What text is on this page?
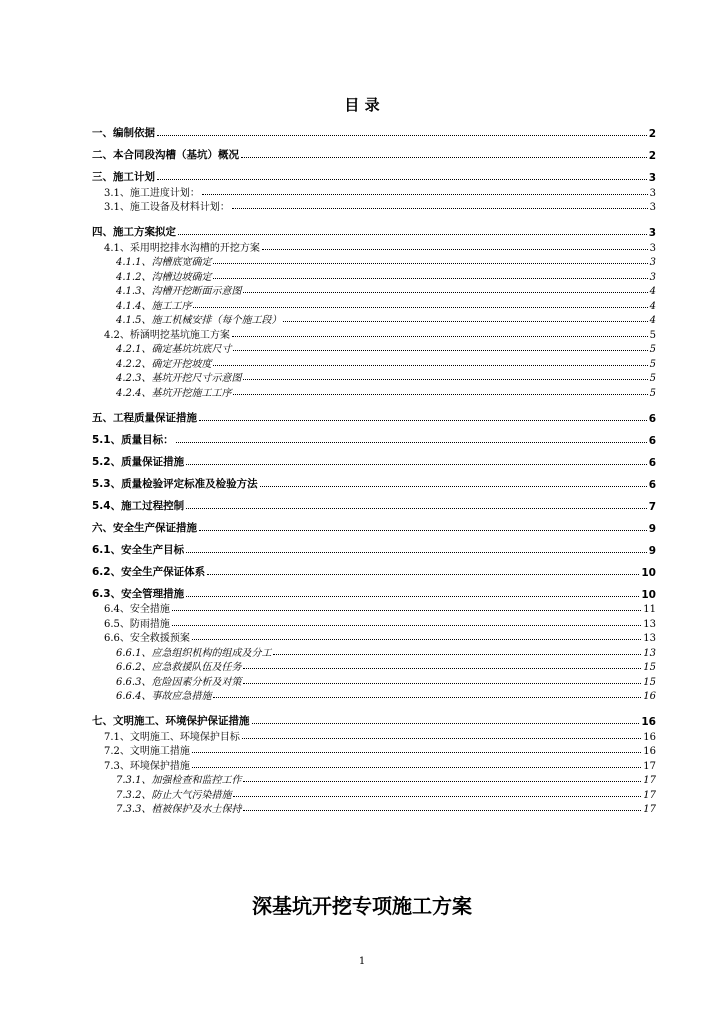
目 录
一、编制依据	2
二、本合同段沟槽（基坑）概况	2
三、施工计划	3
3.1、施工进度计划：	3
3.1、施工设备及材料计划：	3
四、施工方案拟定	3
4.1、采用明挖排水沟槽的开挖方案	3
4.1.1、沟槽底宽确定	3
4.1.2、沟槽边坡确定	3
4.1.3、沟槽开挖断面示意图	4
4.1.4、施工工序	4
4.1.5、施工机械安排（每个施工段）	4
4.2、桥涵明挖基坑施工方案	5
4.2.1、确定基坑坑底尺寸	5
4.2.2、确定开挖坡度	5
4.2.3、基坑开挖尺寸示意图	5
4.2.4、基坑开挖施工工序	5
五、工程质量保证措施	6
5.1、质量目标：	6
5.2、质量保证措施	6
5.3、质量检验评定标准及检验方法	6
5.4、施工过程控制	7
六、安全生产保证措施	9
6.1、安全生产目标	9
6.2、安全生产保证体系	10
6.3、安全管理措施	10
6.4、安全措施	11
6.5、防雨措施	13
6.6、安全救援预案	13
6.6.1、应急组织机构的组成及分工	13
6.6.2、应急救援队伍及任务	15
6.6.3、危险因素分析及对策	15
6.6.4、事故应急措施	16
七、文明施工、环境保护保证措施	16
7.1、文明施工、环境保护目标	16
7.2、文明施工措施	16
7.3、环境保护措施	17
7.3.1、加强检查和监控工作	17
7.3.2、防止大气污染措施	17
7.3.3、植被保护及水土保持	17
深基坑开挖专项施工方案
1
